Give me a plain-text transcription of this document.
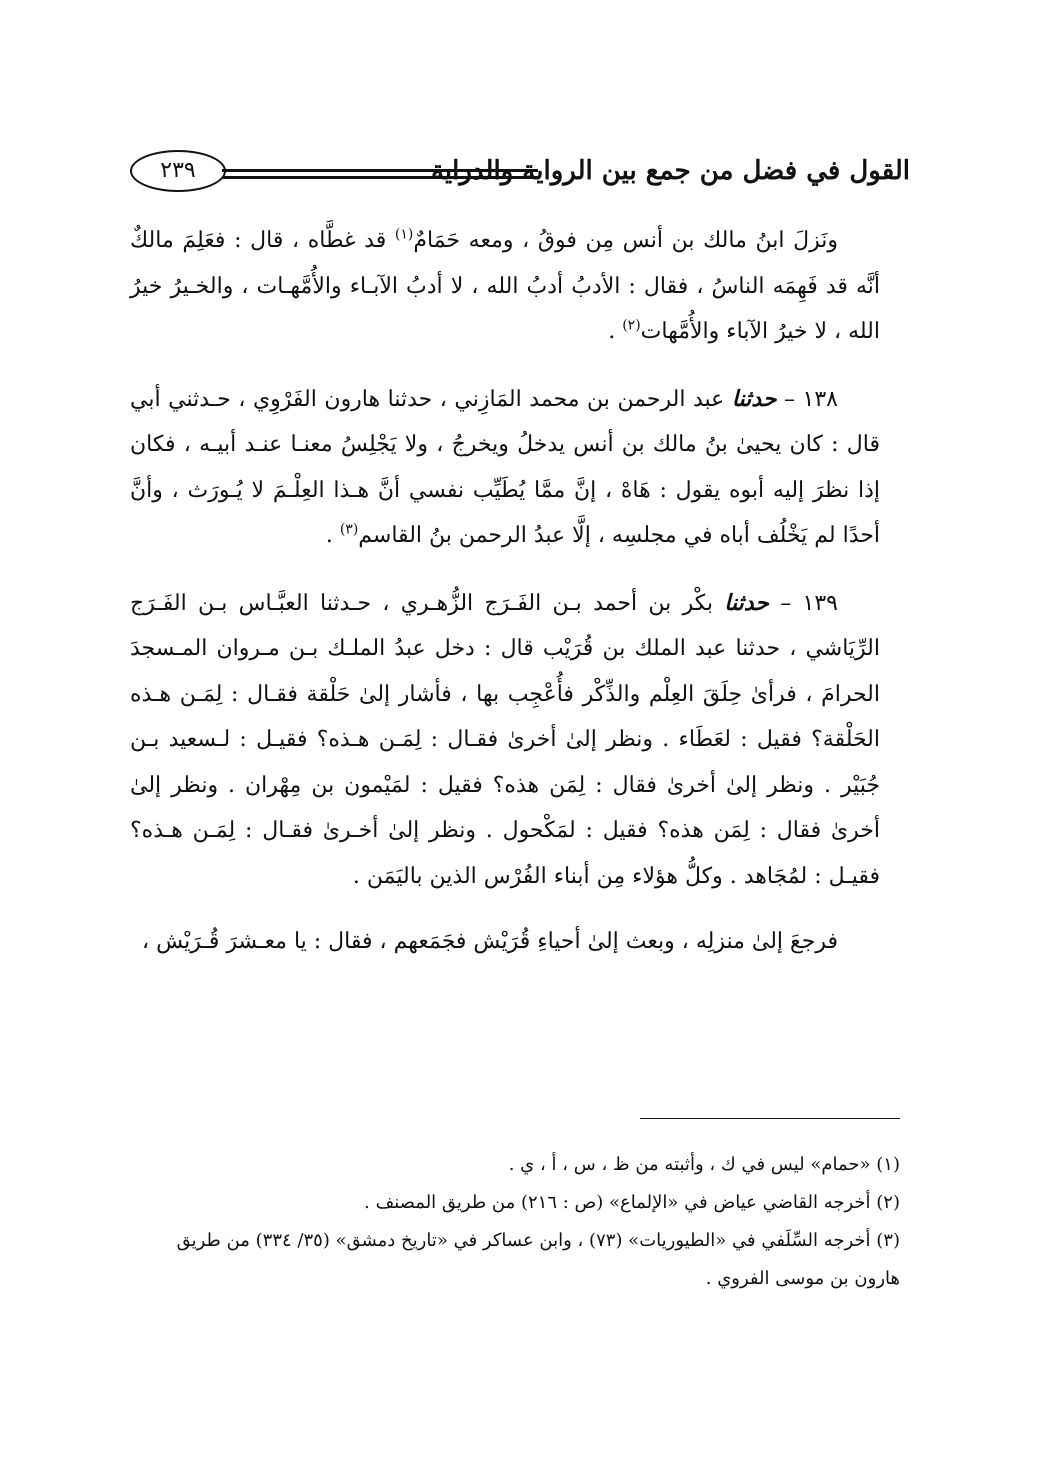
القول في فضل من جمع بين الرواية والدراية
٢٣٩

ونَزلَ ابنُ مالك بن أنس مِن فوقُ ، ومعه حَمَامٌ$^{(١)}$ قد غطَّاه ، قال : فعَلِمَ مالكٌ أنَّه قد فَهِمَه الناسُ ، فقال : الأدبُ أدبُ الله ، لا أدبُ الآبـاء والأُمَّهـات ، والخـيرُ خيرُ الله ، لا خيرُ الآباء والأُمَّهات$^{(٢)}$ .

١٣٨ – حدثنا عبد الرحمن بن محمد المَازِني ، حدثنا هارون الفَرْوِي ، حـدثني أبي قال : كان يحيىٰ بنُ مالك بن أنس يدخلُ ويخرجُ ، ولا يَجْلِسُ معنـا عنـد أبيـه ، فكان إذا نظرَ إليه أبوه يقول : هَاهْ ، إنَّ ممَّا يُطَيِّب نفسي أنَّ هـذا العِلْـمَ لا يُـورَث ، وأنَّ أحدًا لم يَخْلُف أباه في مجلسِه ، إلَّا عبدُ الرحمن بنُ القاسم$^{(٣)}$ .

١٣٩ – حدثنا بكْر بن أحمد بـن الفَـرَج الزُّهـري ، حـدثنا العبَّـاس بـن الفَـرَج الرِّيَاشي ، حدثنا عبد الملك بن قُرَيْب قال : دخل عبدُ الملـك بـن مـروان المـسجدَ الحرامَ ، فرأىٰ حِلَقَ العِلْم والذِّكْر فأُعْجِب بها ، فأشار إلىٰ حَلْقة فقـال : لِمَـن هـذه الحَلْقة؟ فقيل : لعَطَاء . ونظر إلىٰ أخرىٰ فقـال : لِمَـن هـذه؟ فقيـل : لـسعيد بـن جُبَيْر . ونظر إلىٰ أخرىٰ فقال : لِمَن هذه؟ فقيل : لمَيْمون بن مِهْران . ونظر إلىٰ أخرىٰ فقال : لِمَن هذه؟ فقيل : لمَكْحول . ونظر إلىٰ أخـرىٰ فقـال : لِمَـن هـذه؟ فقيـل : لمُجَاهد . وكلُّ هؤلاء مِن أبناء الفُرْس الذين باليَمَن .

فرجعَ إلىٰ منزلِه ، وبعث إلىٰ أحياءِ قُرَيْش فجَمَعهم ، فقال : يا معـشرَ قُـرَيْش ،

(١) «حمام» ليس في ك ، وأثبته من ظ ، س ، أ ، ي .

(٢) أخرجه القاضي عياض في «الإلماع» (ص : ٢١٦) من طريق المصنف .

(٣) أخرجه السِّلَفي في «الطيوريات» (٧٣) ، وابن عساكر في «تاريخ دمشق» (٣٥/ ٣٣٤) من طريق

هارون بن موسى الفروي .
